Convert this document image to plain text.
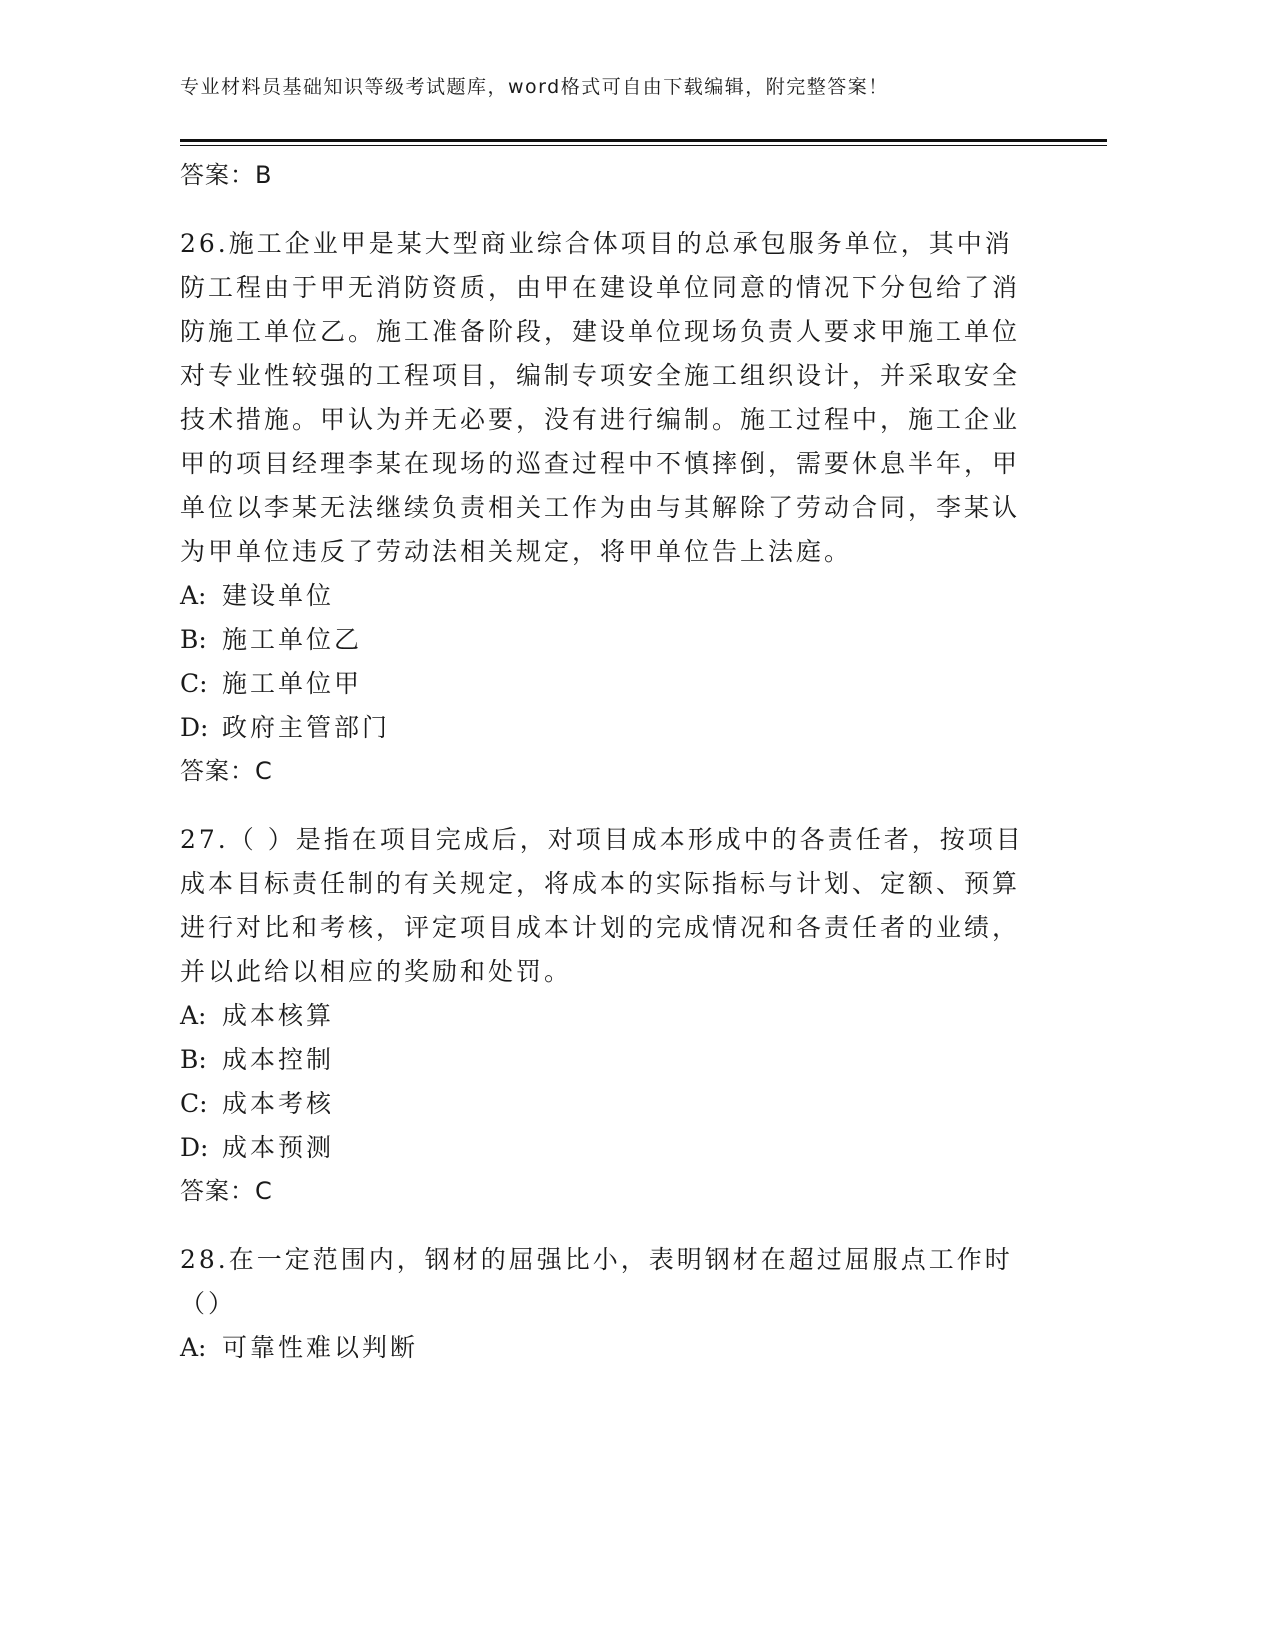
专业材料员基础知识等级考试题库，word格式可自由下载编辑，附完整答案！
答案：B
26.施工企业甲是某大型商业综合体项目的总承包服务单位，其中消防工程由于甲无消防资质，由甲在建设单位同意的情况下分包给了消防施工单位乙。施工准备阶段，建设单位现场负责人要求甲施工单位对专业性较强的工程项目，编制专项安全施工组织设计，并采取安全技术措施。甲认为并无必要，没有进行编制。施工过程中，施工企业甲的项目经理李某在现场的巡查过程中不慎摔倒，需要休息半年，甲单位以李某无法继续负责相关工作为由与其解除了劳动合同，李某认为甲单位违反了劳动法相关规定，将甲单位告上法庭。
A: 建设单位
B: 施工单位乙
C: 施工单位甲
D: 政府主管部门
答案：C
27.（ ）是指在项目完成后，对项目成本形成中的各责任者，按项目成本目标责任制的有关规定，将成本的实际指标与计划、定额、预算进行对比和考核，评定项目成本计划的完成情况和各责任者的业绩，并以此给以相应的奖励和处罚。
A: 成本核算
B: 成本控制
C: 成本考核
D: 成本预测
答案：C
28.在一定范围内，钢材的屈强比小，表明钢材在超过屈服点工作时（）
A: 可靠性难以判断
